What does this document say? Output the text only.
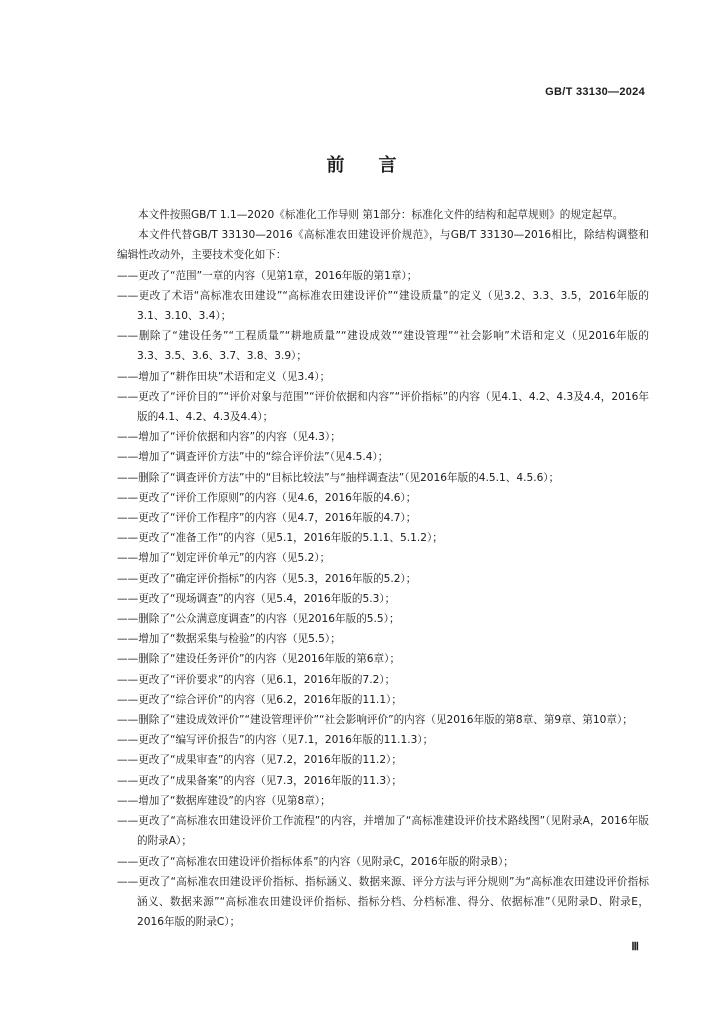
GB/T 33130—2024
前 言

本文件按照GB/T 1.1—2020《标准化工作导则 第1部分：标准化文件的结构和起草规则》的规定起草。

本文件代替GB/T 33130—2016《高标准农田建设评价规范》，与GB/T 33130—2016相比，除结构调整和编辑性改动外，主要技术变化如下：

——更改了“范围”一章的内容（见第1章，2016年版的第1章）；

——更改了术语“高标准农田建设”“高标准农田建设评价”“建设质量”的定义（见3.2、3.3、3.5，2016年版的3.1、3.10、3.4）；

——删除了“建设任务”“工程质量”“耕地质量”“建设成效”“建设管理”“社会影响”术语和定义（见2016年版的3.3、3.5、3.6、3.7、3.8、3.9）；

——增加了“耕作田块”术语和定义（见3.4）；

——更改了“评价目的”“评价对象与范围”“评价依据和内容”“评价指标”的内容（见4.1、4.2、4.3及4.4，2016年版的4.1、4.2、4.3及4.4）；

——增加了“评价依据和内容”的内容（见4.3）；

——增加了“调查评价方法”中的“综合评价法”（见4.5.4）；

——删除了“调查评价方法”中的“目标比较法”与“抽样调查法”（见2016年版的4.5.1、4.5.6）；

——更改了“评价工作原则”的内容（见4.6，2016年版的4.6）；

——更改了“评价工作程序”的内容（见4.7，2016年版的4.7）；

——更改了“准备工作”的内容（见5.1，2016年版的5.1.1、5.1.2）；

——增加了“划定评价单元”的内容（见5.2）；

——更改了“确定评价指标”的内容（见5.3，2016年版的5.2）；

——更改了“现场调查”的内容（见5.4，2016年版的5.3）；

——删除了“公众满意度调查”的内容（见2016年版的5.5）；

——增加了“数据采集与检验”的内容（见5.5）；

——删除了“建设任务评价”的内容（见2016年版的第6章）；

——更改了“评价要求”的内容（见6.1，2016年版的7.2）；

——更改了“综合评价”的内容（见6.2，2016年版的11.1）；

——删除了“建设成效评价”“建设管理评价”“社会影响评价”的内容（见2016年版的第8章、第9章、第10章）；

——更改了“编写评价报告”的内容（见7.1，2016年版的11.1.3）；

——更改了“成果审查”的内容（见7.2，2016年版的11.2）；

——更改了“成果备案”的内容（见7.3，2016年版的11.3）；

——增加了“数据库建设”的内容（见第8章）；

——更改了“高标准农田建设评价工作流程”的内容，并增加了“高标准建设评价技术路线图”（见附录A，2016年版的附录A）；

——更改了“高标准农田建设评价指标体系”的内容（见附录C，2016年版的附录B）；

——更改了“高标准农田建设评价指标、指标涵义、数据来源、评分方法与评分规则”为“高标准农田建设评价指标涵义、数据来源”“高标准农田建设评价指标、指标分档、分档标准、得分、依据标准”（见附录D、附录E，2016年版的附录C）；

Ⅲ
